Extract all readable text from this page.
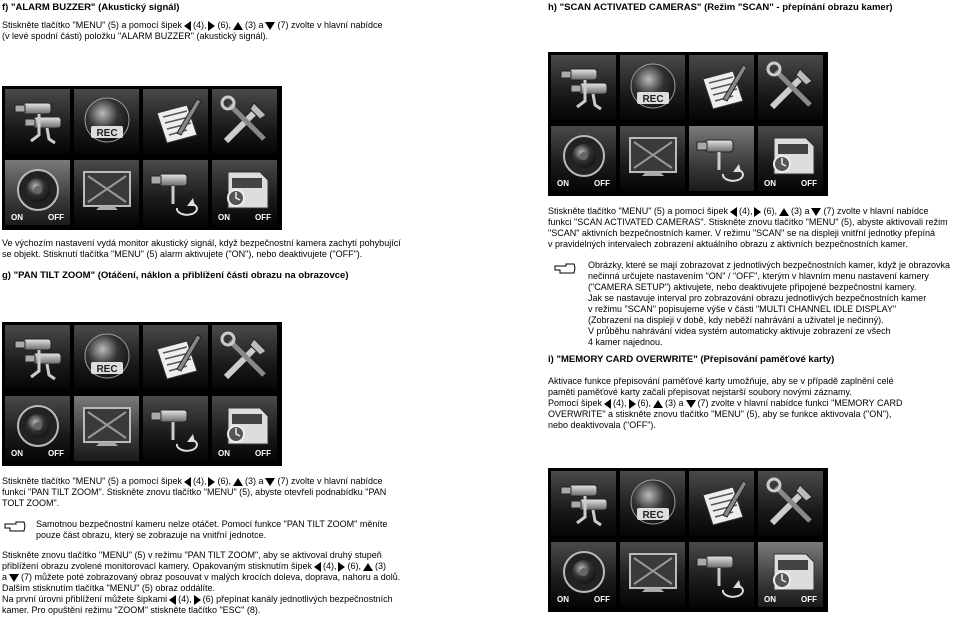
f) "ALARM BUZZER" (Akustický signál)

Stiskněte tlačítko "MENU" (5) a pomocí šipek (4), (6), (3) a (7) zvolte v hlavní nabídce

(v levé spodní části) položku "ALARM BUZZER" (akustický signál).

ON	OFF	ON	OFF

Ve výchozím nastavení vydá monitor akustický signál, když bezpečnostní kamera zachytí pohybující

se objekt. Stisknutí tlačítka "MENU" (5) alarm aktivujete ("ON"), nebo deaktivujete ("OFF").

g) "PAN TILT ZOOM" (Otáčení, náklon a přiblížení části obrazu na obrazovce)
ON	OFF	ON	OFF

Stiskněte tlačítko "MENU" (5) a pomocí šipek (4), (6), (3) a (7) zvolte v hlavní nabídce

funkci "PAN TILT ZOOM". Stiskněte znovu tlačítko "MENU" (5), abyste otevřeli podnabídku "PAN

TOLT ZOOM".

Samotnou bezpečnostní kameru nelze otáčet. Pomocí funkce "PAN TILT ZOOM" měníte

pouze část obrazu, který se zobrazuje na vnitřní jednotce.

Stiskněte znovu tlačítko "MENU" (5) v režimu "PAN TILT ZOOM", aby se aktivoval druhý stupeň

přiblížení obrazu zvolené monitorovací kamery. Opakovaným stisknutím šipek (4), (6), (3)

a (7) můžete poté zobrazovaný obraz posouvat v malých krocích doleva, doprava, nahoru a dolů.

Dalším stisknutím tlačítka "MENU" (5) obraz oddálíte.

Na první úrovni přiblížení můžete šipkami (4), (6) přepínat kanály jednotlivých bezpečnostních

kamer. Pro opuštění režimu "ZOOM" stiskněte tlačítko "ESC" (8).

h) "SCAN ACTIVATED CAMERAS" (Režim "SCAN" - přepínání obrazu kamer)
ON	OFF	ON	OFF

Stiskněte tlačítko "MENU" (5) a pomocí šipek (4), (6), (3) a (7) zvolte v hlavní nabídce

funkci "SCAN ACTIVATED CAMERAS". Stiskněte znovu tlačítko "MENU" (5), abyste aktivovali režim

"SCAN" aktivních bezpečnostních kamer. V režimu "SCAN" se na displeji vnitřní jednotky přepíná

v pravidelných intervalech zobrazení aktuálního obrazu z aktivních bezpečnostních kamer.

Obrázky, které se mají zobrazovat z jednotlivých bezpečnostních kamer, když je obrazovka

nečinná určujete nastavením "ON" / "OFF", kterým v hlavním menu nastavení kamery

("CAMERA SETUP") aktivujete, nebo deaktivujete připojené bezpečnostní kamery.

Jak se nastavuje interval pro zobrazování obrazu jednotlivých bezpečnostních kamer

v režimu "SCAN" popisujeme výše v části "MULTI CHANNEL IDLE DISPLAY"

(Zobrazení na displeji v době, kdy neběží nahrávání a uživatel je nečinný).

V průběhu nahrávání videa systém automaticky aktivuje zobrazení ze všech

4 kamer najednou.

i) "MEMORY CARD OVERWRITE" (Přepisování paměťové karty)

Aktivace funkce přepisování paměťové karty umožňuje, aby se v případě zaplnění celé

paměti paměťové karty začali přepisovat nejstarší soubory novými záznamy.

Pomocí šipek (4), (6), (3) a (7) zvolte v hlavní nabídce funkci "MEMORY CARD

OVERWRITE" a stiskněte znovu tlačítko "MENU" (5), aby se funkce aktivovala ("ON"),

nebo deaktivovala ("OFF").

ON	OFF	ON	OFF
